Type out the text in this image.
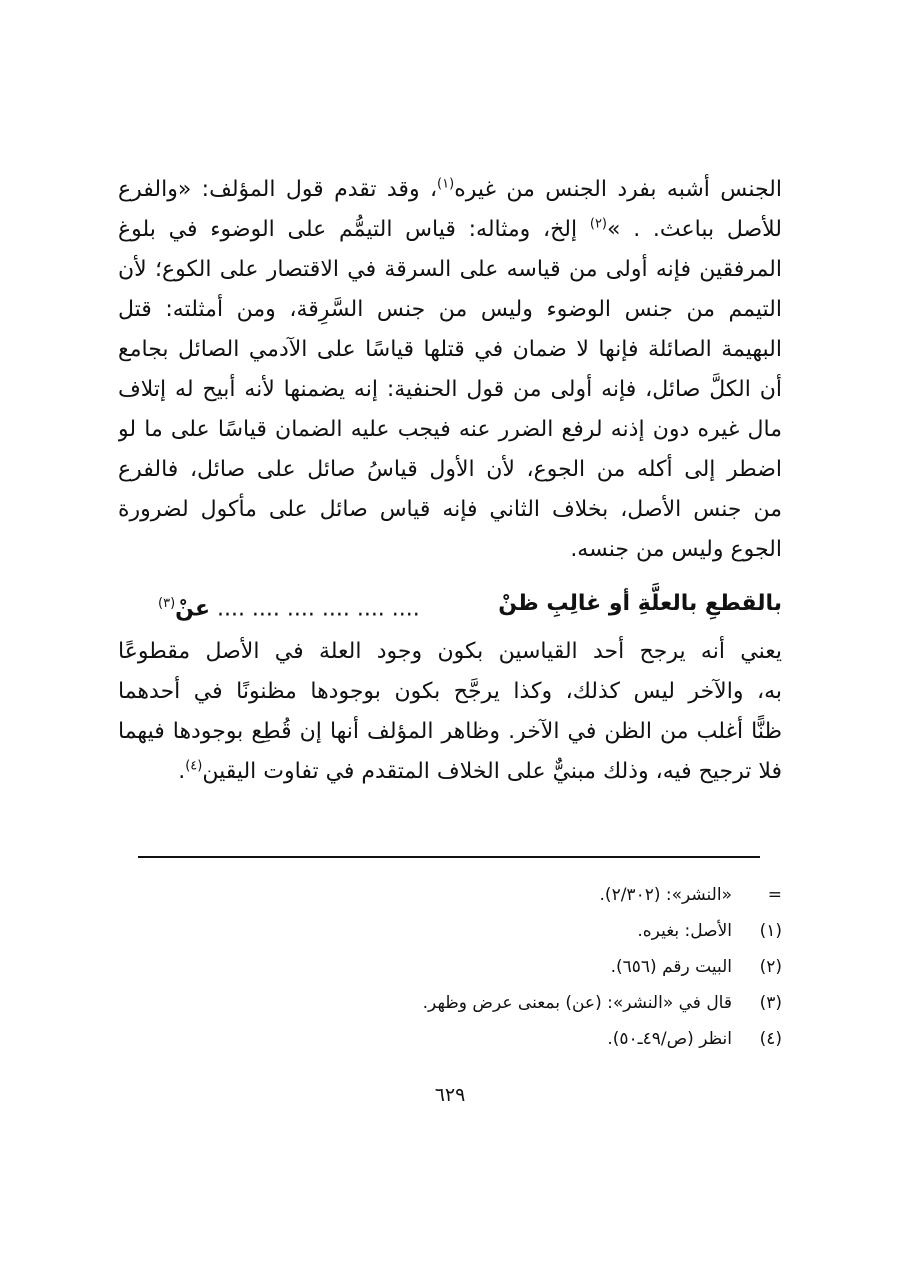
الجنس أشبه بفرد الجنس من غيره$^{(١)}$، وقد تقدم قول المؤلف: «والفرع
للأصل بباعث. . »$^{(٢)}$ إلخ، ومثاله: قياس التيمُّم على الوضوء في بلوغ
المرفقين فإنه أولى من قياسه على السرقة في الاقتصار على الكوع؛ لأن
التيمم من جنس الوضوء وليس من جنس السَّرِقة، ومن أمثلته: قتل
البهيمة الصائلة فإنها لا ضمان في قتلها قياسًا على الآدمي الصائل بجامع
أن الكلَّ صائل، فإنه أولى من قول الحنفية: إنه يضمنها لأنه أبيح له إتلاف
مال غيره دون إذنه لرفع الضرر عنه فيجب عليه الضمان قياسًا على ما لو
اضطر إلى أكله من الجوع، لأن الأول قياسُ صائل على صائل، فالفرع
من جنس الأصل، بخلاف الثاني فإنه قياس صائل على مأكول لضرورة
الجوع وليس من جنسه.
بالقطعِ بالعلَّةِ أو غالِبِ ظنْ
.... .... .... .... .... .... عنْ$^{(٣)}$
يعني أنه يرجح أحد القياسين بكون وجود العلة في الأصل مقطوعًا
به، والآخر ليس كذلك، وكذا يرجَّح بكون بوجودها مظنونًا في أحدهما
ظنًّا أغلب من الظن في الآخر. وظاهر المؤلف أنها إن قُطِع بوجودها فيهما
فلا ترجيح فيه، وذلك مبنيٌّ على الخلاف المتقدم في تفاوت اليقين$^{(٤)}$.
=«النشر»: (٢/٣٠٢).
(١)الأصل: بغيره.
(٢)البيت رقم (٦٥٦).
(٣)قال في «النشر»: (عن) بمعنى عرض وظهر.
(٤)انظر (ص/٤٩ـ٥٠).
٦٢٩
